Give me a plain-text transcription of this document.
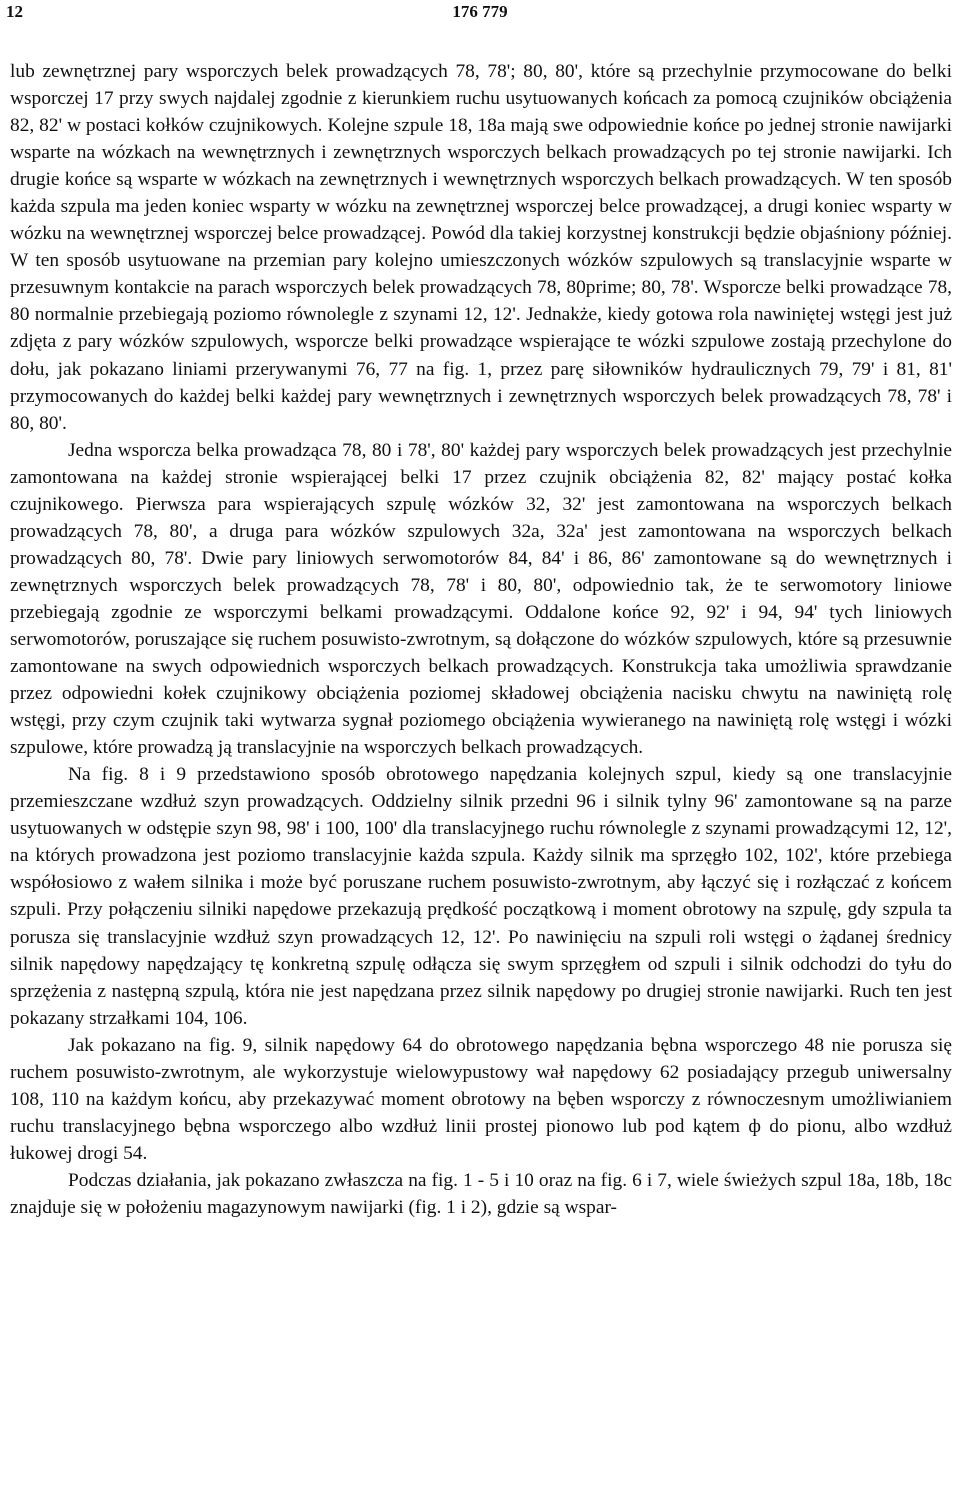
12	176 779

lub zewnętrznej pary wsporczych belek prowadzących 78, 78'; 80, 80', które są przechylnie przymocowane do belki wsporczej 17 przy swych najdalej zgodnie z kierunkiem ruchu usytuowanych końcach za pomocą czujników obciążenia 82, 82' w postaci kołków czujnikowych. Kolejne szpule 18, 18a mają swe odpowiednie końce po jednej stronie nawijarki wsparte na wózkach na wewnętrznych i zewnętrznych wsporczych belkach prowadzących po tej stronie nawijarki. Ich drugie końce są wsparte w wózkach na zewnętrznych i wewnętrznych wsporczych belkach prowadzących. W ten sposób każda szpula ma jeden koniec wsparty w wózku na zewnętrznej wsporczej belce prowadzącej, a drugi koniec wsparty w wózku na wewnętrznej wsporczej belce prowadzącej. Powód dla takiej korzystnej konstrukcji będzie objaśniony później. W ten sposób usytuowane na przemian pary kolejno umieszczonych wózków szpulowych są translacyjnie wsparte w przesuwnym kontakcie na parach wsporczych belek prowadzących 78, 80prime; 80, 78'. Wsporcze belki prowadzące 78, 80 normalnie przebiegają poziomo równolegle z szynami 12, 12'. Jednakże, kiedy gotowa rola nawiniętej wstęgi jest już zdjęta z pary wózków szpulowych, wsporcze belki prowadzące wspierające te wózki szpulowe zostają przechylone do dołu, jak pokazano liniami przerywanymi 76, 77 na fig. 1, przez parę siłowników hydraulicznych 79, 79' i 81, 81' przymocowanych do każdej belki każdej pary wewnętrznych i zewnętrznych wsporczych belek prowadzących 78, 78' i 80, 80'.

Jedna wsporcza belka prowadząca 78, 80 i 78', 80' każdej pary wsporczych belek prowadzących jest przechylnie zamontowana na każdej stronie wspierającej belki 17 przez czujnik obciążenia 82, 82' mający postać kołka czujnikowego. Pierwsza para wspierających szpulę wózków 32, 32' jest zamontowana na wsporczych belkach prowadzących 78, 80', a druga para wózków szpulowych 32a, 32a' jest zamontowana na wsporczych belkach prowadzących 80, 78'. Dwie pary liniowych serwomotorów 84, 84' i 86, 86' zamontowane są do wewnętrznych i zewnętrznych wsporczych belek prowadzących 78, 78' i 80, 80', odpowiednio tak, że te serwomotory liniowe przebiegają zgodnie ze wsporczymi belkami prowadzącymi. Oddalone końce 92, 92' i 94, 94' tych liniowych serwomotorów, poruszające się ruchem posuwisto-zwrotnym, są dołączone do wózków szpulowych, które są przesuwnie zamontowane na swych odpowiednich wsporczych belkach prowadzących. Konstrukcja taka umożliwia sprawdzanie przez odpowiedni kołek czujnikowy obciążenia poziomej składowej obciążenia nacisku chwytu na nawiniętą rolę wstęgi, przy czym czujnik taki wytwarza sygnał poziomego obciążenia wywieranego na nawiniętą rolę wstęgi i wózki szpulowe, które prowadzą ją translacyjnie na wsporczych belkach prowadzących.

Na fig. 8 i 9 przedstawiono sposób obrotowego napędzania kolejnych szpul, kiedy są one translacyjnie przemieszczane wzdłuż szyn prowadzących. Oddzielny silnik przedni 96 i silnik tylny 96' zamontowane są na parze usytuowanych w odstępie szyn 98, 98' i 100, 100' dla translacyjnego ruchu równolegle z szynami prowadzącymi 12, 12', na których prowadzona jest poziomo translacyjnie każda szpula. Każdy silnik ma sprzęgło 102, 102', które przebiega współosiowo z wałem silnika i może być poruszane ruchem posuwisto-zwrotnym, aby łączyć się i rozłączać z końcem szpuli. Przy połączeniu silniki napędowe przekazują prędkość początkową i moment obrotowy na szpulę, gdy szpula ta porusza się translacyjnie wzdłuż szyn prowadzących 12, 12'. Po nawinięciu na szpuli roli wstęgi o żądanej średnicy silnik napędowy napędzający tę konkretną szpulę odłącza się swym sprzęgłem od szpuli i silnik odchodzi do tyłu do sprzężenia z następną szpulą, która nie jest napędzana przez silnik napędowy po drugiej stronie nawijarki. Ruch ten jest pokazany strzałkami 104, 106.

Jak pokazano na fig. 9, silnik napędowy 64 do obrotowego napędzania bębna wsporczego 48 nie porusza się ruchem posuwisto-zwrotnym, ale wykorzystuje wielowypustowy wał napędowy 62 posiadający przegub uniwersalny 108, 110 na każdym końcu, aby przekazywać moment obrotowy na bęben wsporczy z równoczesnym umożliwianiem ruchu translacyjnego bębna wsporczego albo wzdłuż linii prostej pionowo lub pod kątem ф do pionu, albo wzdłuż łukowej drogi 54.

Podczas działania, jak pokazano zwłaszcza na fig. 1 - 5 i 10 oraz na fig. 6 i 7, wiele świeżych szpul 18a, 18b, 18c znajduje się w położeniu magazynowym nawijarki (fig. 1 i 2), gdzie są wspar-
